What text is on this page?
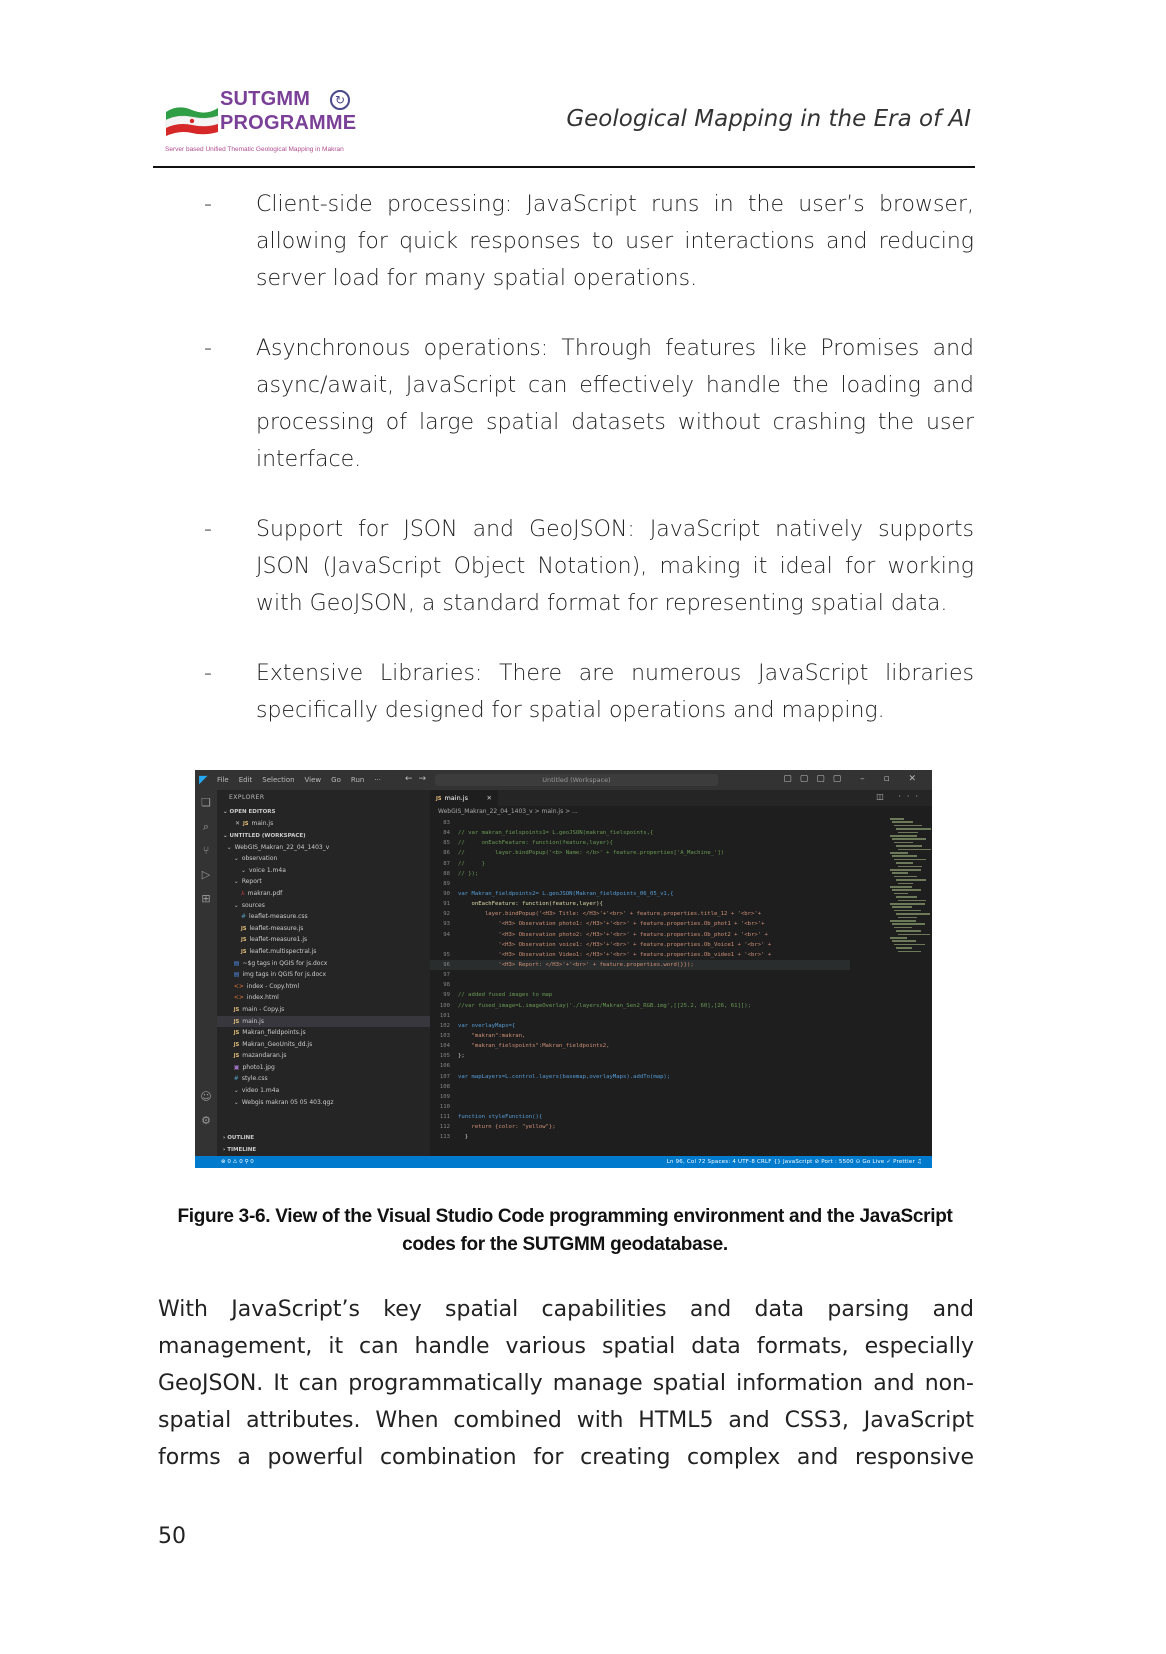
SUTGMM
PROGRAMME
↻
Server based Unified Thematic Geological Mapping in Makran
Geological Mapping in the Era of AI
- Client-side processing: JavaScript runs in the user’s browser, allowing for quick responses to user interactions and reducing server load for many spatial operations.
- Asynchronous operations: Through features like Promises and async/await, JavaScript can effectively handle the loading and processing of large spatial datasets without crashing the user interface.
- Support for JSON and GeoJSON: JavaScript natively supports JSON (JavaScript Object Notation), making it ideal for working with GeoJSON, a standard format for representing spatial data.
- Extensive Libraries: There are numerous JavaScript libraries specifically designed for spatial operations and mapping.
◤	File Edit Selection View Go Run ···	←→	Untitled (Workspace)	▢▢▢▢ – ▫ ✕
❏
⌕
⑂
▷
⊞
☺
⚙
EXPLORER
⌄ OPEN EDITORS
✕ JS main.js
⌄ UNTITLED (WORKSPACE)
⌄ WebGIS_Makran_22_04_1403_v
⌄ observation
⌄ voice 1.m4a
⌄ Report
⅄ makran.pdf
⌄ sources
# leaflet-measure.css
JS leaflet-measure.js
JS leaflet-measure1.js
JS leaflet.multispectral.js
▤ ~$g tags in QGIS for js.docx
▤ img tags in QGIS for js.docx
<> index - Copy.html
<> index.html
JS main - Copy.js
JS main.js
JS Makran_fieldpoints.js
JS Makran_GeoUnits_dd.js
JS mazandaran.js
▣ photo1.jpg
# style.css
⌄ video 1.m4a
⌄ Webgis makran 05 05 403.qgz
› OUTLINE
› TIMELINE
JS main.js	✕	◫ ···
WebGIS_Makran_22_04_1403_v > main.js > ...
83
84 // var makran_fielspoints1= L.geoJSON(makran_fielspoints,{
85 //     onEachFeature: function(feature,layer){
86 //         layer.bindPopup('<b> Name: </b>' + feature.properties['A_Machine_'])
87 //     }
88 // });
89
90 var Makran_fieldpoints2= L.geoJSON(Makran_fieldpoints_06_05_v1,{
91    onEachFeature: function(feature,layer){
92        layer.bindPopup('<H3> Title: </H3>'+'<br>' + feature.properties.title_12 + '<br>'+
93            '<H3> Observation photo1: </H3>'+'<br>' + feature.properties.Ob_phot1 + '<br>'+
94            '<H3> Observation photo2: </H3>'+'<br>' + feature.properties.Ob_phot2 + '<br>' +
'<H3> Observation voice1: </H3>'+'<br>' + feature.properties.Ob_Voice1 + '<br>' +
95            '<H3> Observation Video1: </H3>'+'<br>' + feature.properties.Ob_video1 + '<br>' +
96            '<H3> Report: </H3>'+'<br>' + feature.properties.word)}});
97
98
99 // added fused images to map
100 //var fused_image=L.imageOverlay('./layers/Makran_Sen2_RGB.img',[[25.2, 60],[26, 61]]);
101
102 var overlayMaps={
103    "makran":makran,
104    "makran_fielspoints":Makran_fieldpoints2,
105 };
106
107 var mapLayers=L.control.layers(basemap,overlayMaps).addTo(map);
108
109
110
111 function styleFunction(){
112    return {color: "yellow"};
113  }
⊗ 0 ⚠ 0 ⚲ 0	Ln 96, Col 72 Spaces: 4 UTF-8 CRLF {} JavaScript ⊘ Port : 5500 ⊙ Go Live ✓ Prettier ♫
Figure 3-6. View of the Visual Studio Code programming environment and the JavaScript codes for the SUTGMM geodatabase.
With JavaScript’s key spatial capabilities and data parsing and management, it can handle various spatial data formats, especially GeoJSON. It can programmatically manage spatial information and non-spatial attributes. When combined with HTML5 and CSS3, JavaScript forms a powerful combination for creating complex and responsive
50
